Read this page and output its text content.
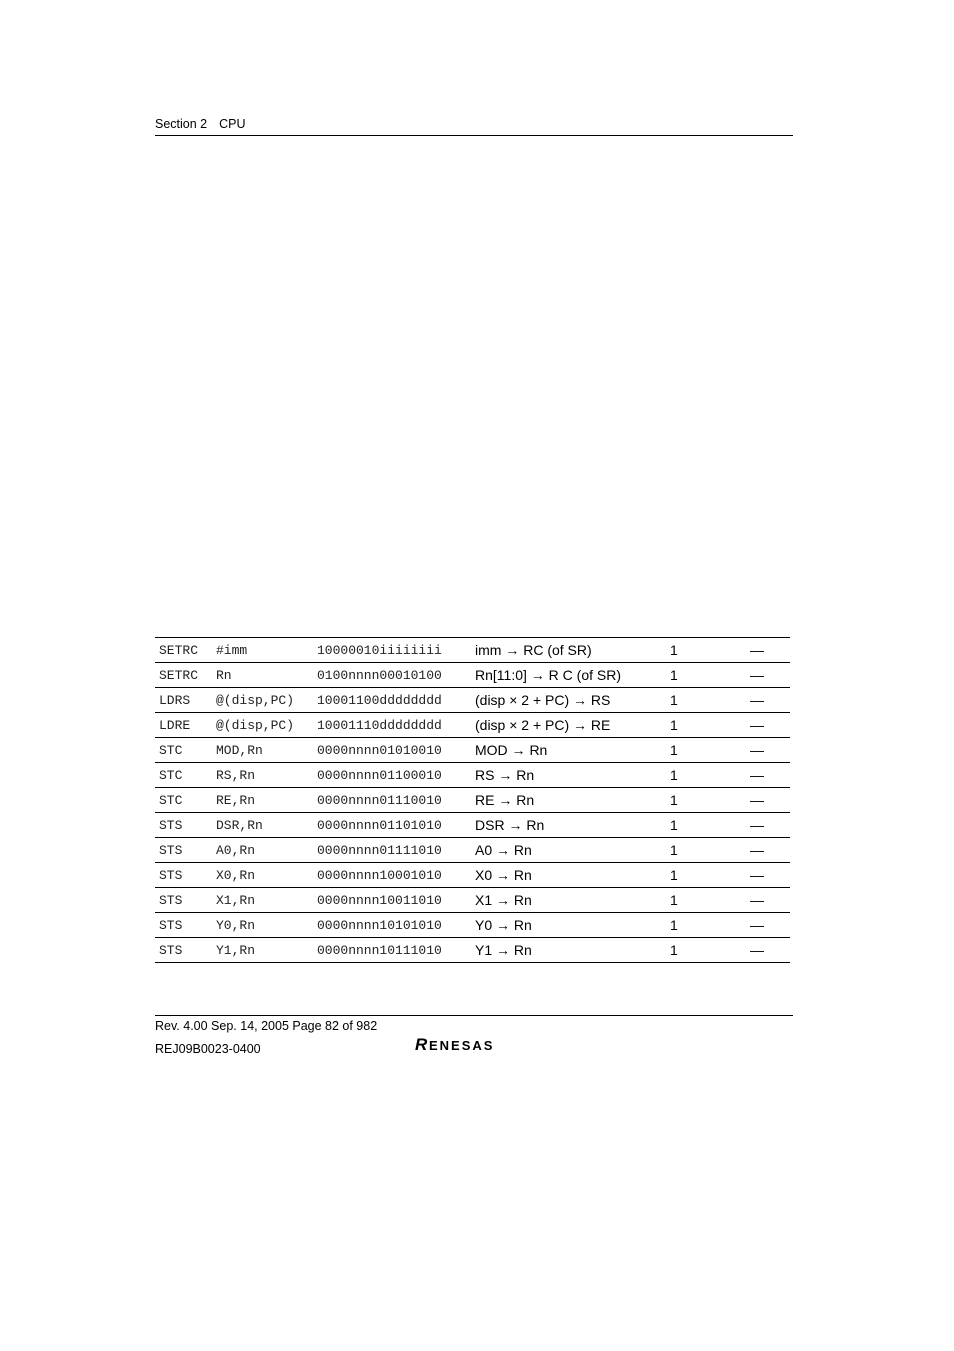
Section 2 CPU
SETRC	#imm	10000010iiiiiiii	imm → RC (of SR)	1	—
SETRC	Rn	0100nnnn00010100	Rn[11:0] → R C (of SR)	1	—
LDRS	@(disp,PC)	10001100dddddddd	(disp × 2 + PC) → RS	1	—
LDRE	@(disp,PC)	10001110dddddddd	(disp × 2 + PC) → RE	1	—
STC	MOD,Rn	0000nnnn01010010	MOD → Rn	1	—
STC	RS,Rn	0000nnnn01100010	RS → Rn	1	—
STC	RE,Rn	0000nnnn01110010	RE → Rn	1	—
STS	DSR,Rn	0000nnnn01101010	DSR → Rn	1	—
STS	A0,Rn	0000nnnn01111010	A0 → Rn	1	—
STS	X0,Rn	0000nnnn10001010	X0 → Rn	1	—
STS	X1,Rn	0000nnnn10011010	X1 → Rn	1	—
STS	Y0,Rn	0000nnnn10101010	Y0 → Rn	1	—
STS	Y1,Rn	0000nnnn10111010	Y1 → Rn	1	—
Rev. 4.00 Sep. 14, 2005 Page 82 of 982
REJ09B0023-0400	R ENESAS
